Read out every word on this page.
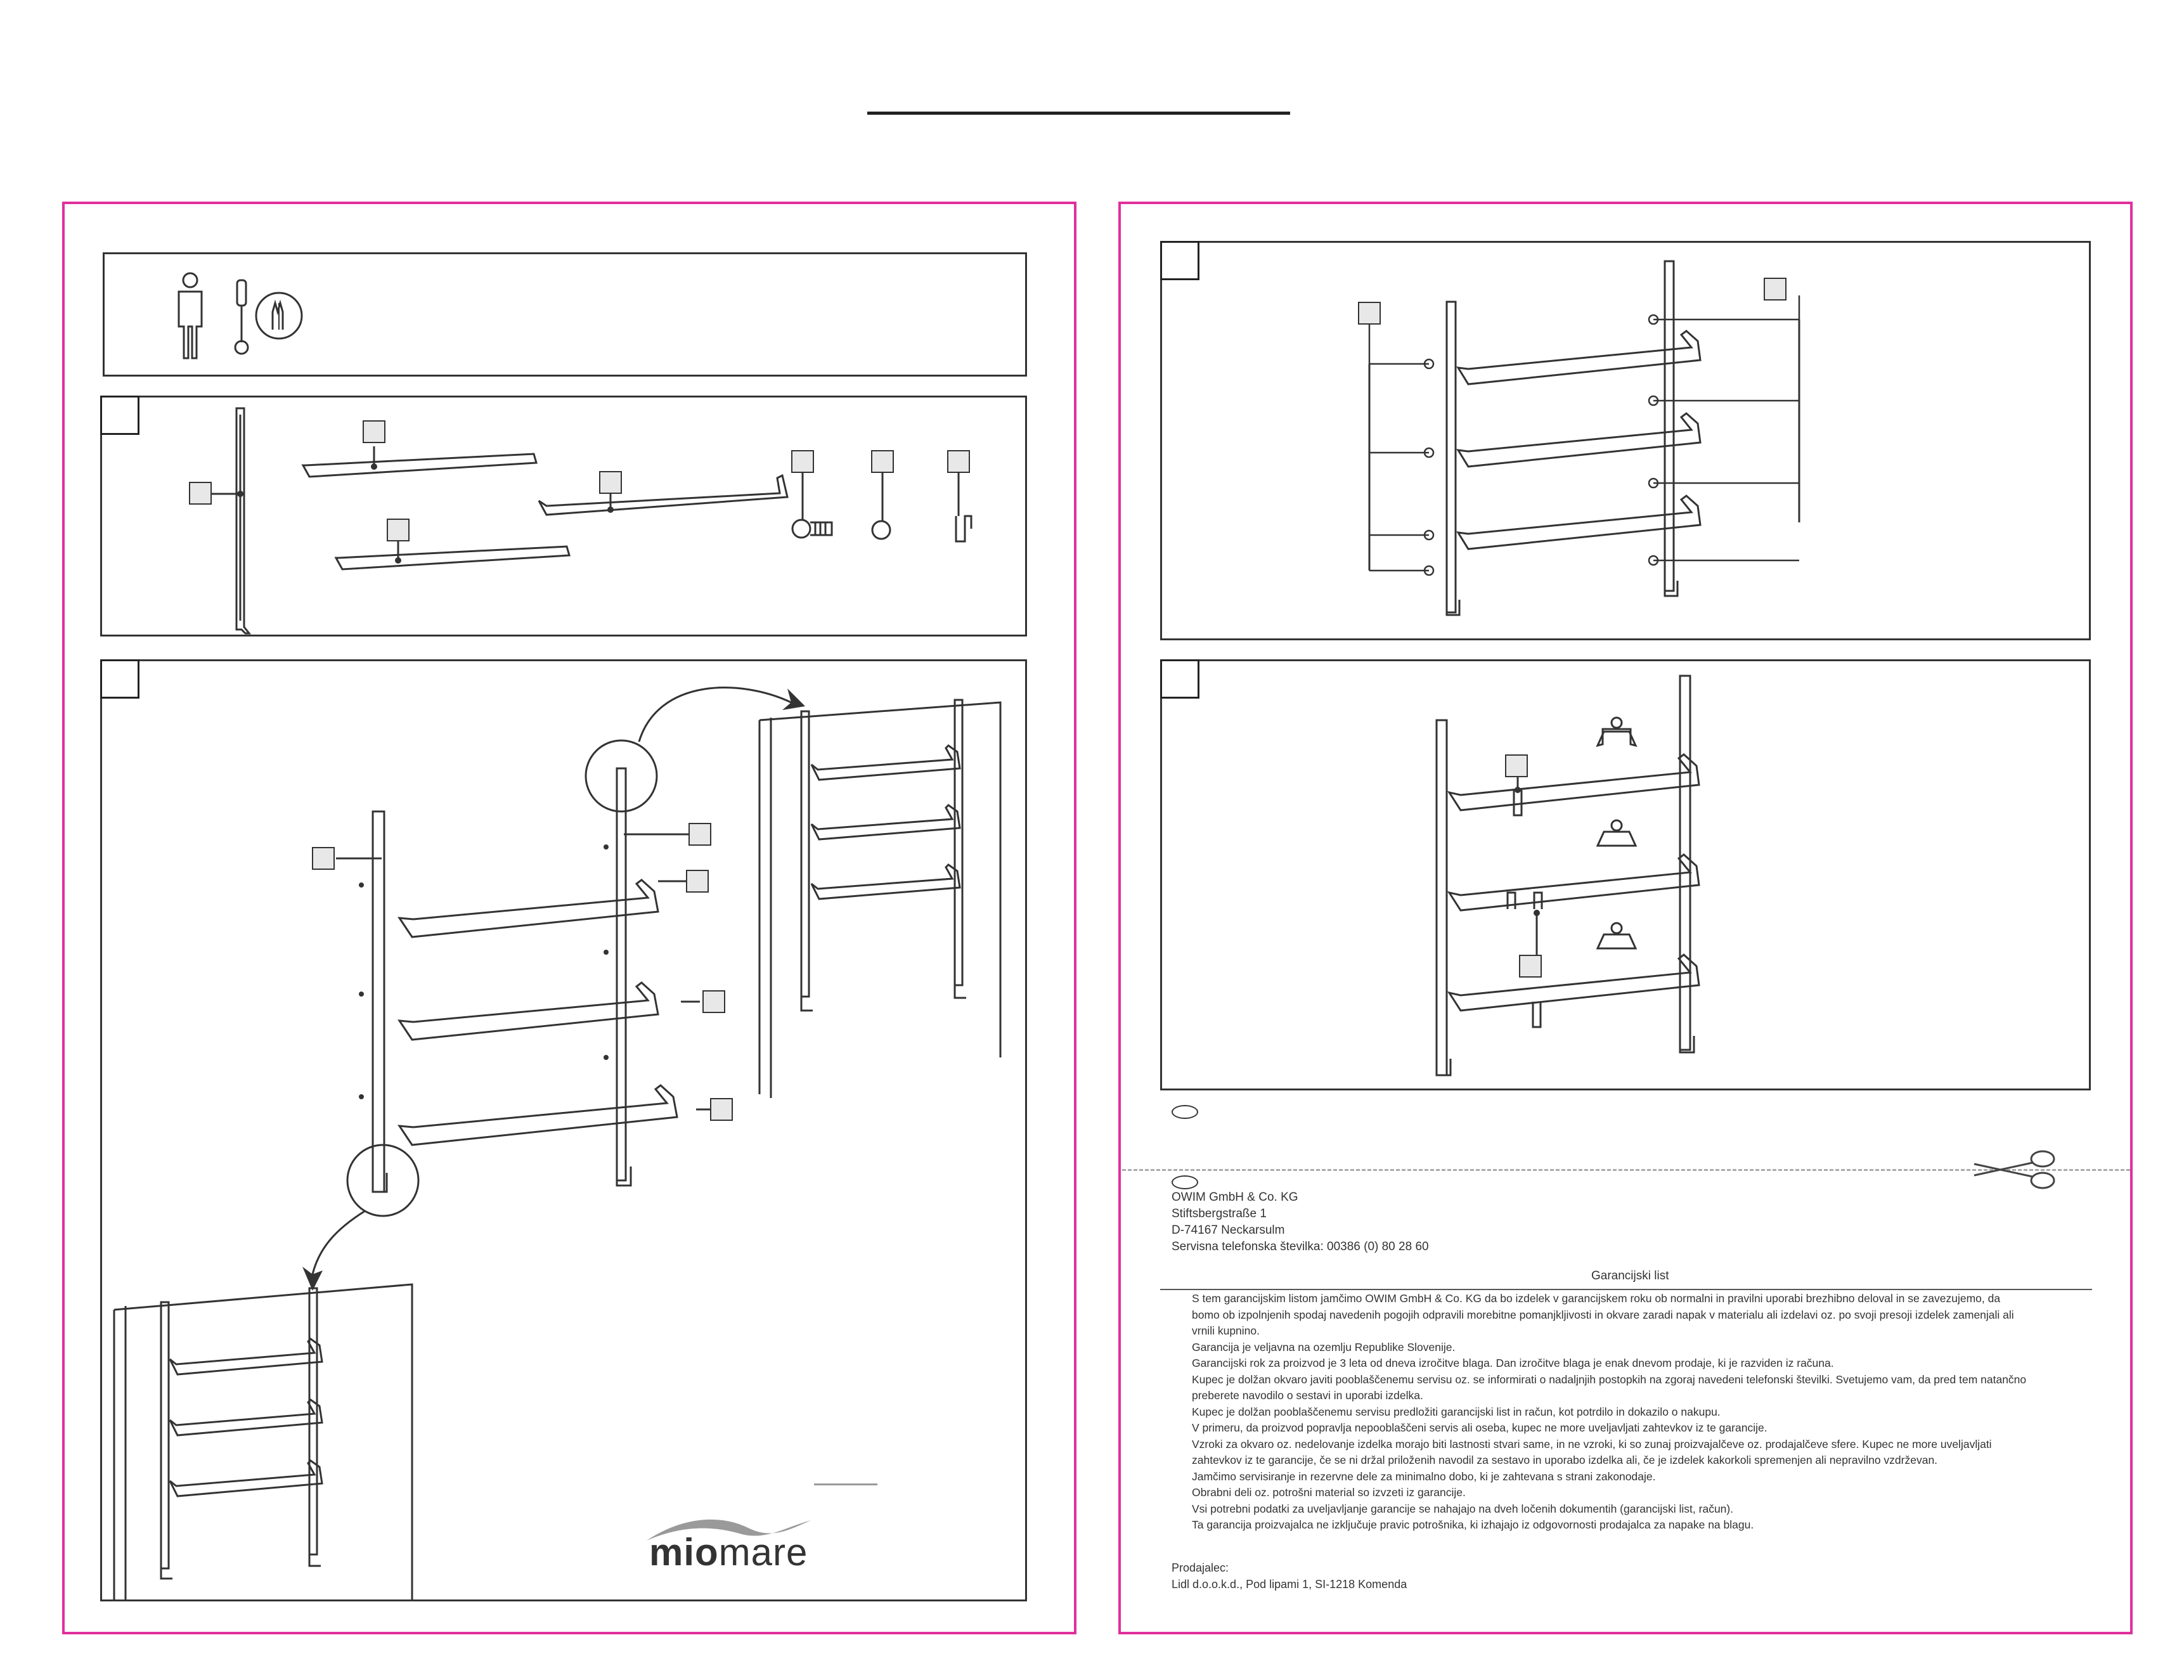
miomare
OWIM GmbH & Co. KG
Stiftsbergstraße 1
D-74167 Neckarsulm
Servisna telefonska številka: 00386 (0) 80 28 60
Garancijski list
S tem garancijskim listom jamčimo OWIM GmbH & Co. KG da bo izdelek v garancijskem roku ob normalni in pravilni uporabi brezhibno deloval in se zavezujemo, da
bomo ob izpolnjenih spodaj navedenih pogojih odpravili morebitne pomanjkljivosti in okvare zaradi napak v materialu ali izdelavi oz. po svoji presoji izdelek zamenjali ali
vrnili kupnino.
Garancija je veljavna na ozemlju Republike Slovenije.
Garancijski rok za proizvod je 3 leta od dneva izročitve blaga. Dan izročitve blaga je enak dnevom prodaje, ki je razviden iz računa.
Kupec je dolžan okvaro javiti pooblaščenemu servisu oz. se informirati o nadaljnjih postopkih na zgoraj navedeni telefonski številki. Svetujemo vam, da pred tem natančno
preberete navodilo o sestavi in uporabi izdelka.
Kupec je dolžan pooblaščenemu servisu predložiti garancijski list in račun, kot potrdilo in dokazilo o nakupu.
V primeru, da proizvod popravlja nepooblaščeni servis ali oseba, kupec ne more uveljavljati zahtevkov iz te garancije.
Vzroki za okvaro oz. nedelovanje izdelka morajo biti lastnosti stvari same, in ne vzroki, ki so zunaj proizvajalčeve oz. prodajalčeve sfere. Kupec ne more uveljavljati
zahtevkov iz te garancije, če se ni držal priloženih navodil za sestavo in uporabo izdelka ali, če je izdelek kakorkoli spremenjen ali nepravilno vzdrževan.
Jamčimo servisiranje in rezervne dele za minimalno dobo, ki je zahtevana s strani zakonodaje.
Obrabni deli oz. potrošni material so izvzeti iz garancije.
Vsi potrebni podatki za uveljavljanje garancije se nahajajo na dveh ločenih dokumentih (garancijski list, račun).
Ta garancija proizvajalca ne izključuje pravic potrošnika, ki izhajajo iz odgovornosti prodajalca za napake na blagu.
Prodajalec:
Lidl d.o.o.k.d., Pod lipami 1, SI-1218 Komenda
